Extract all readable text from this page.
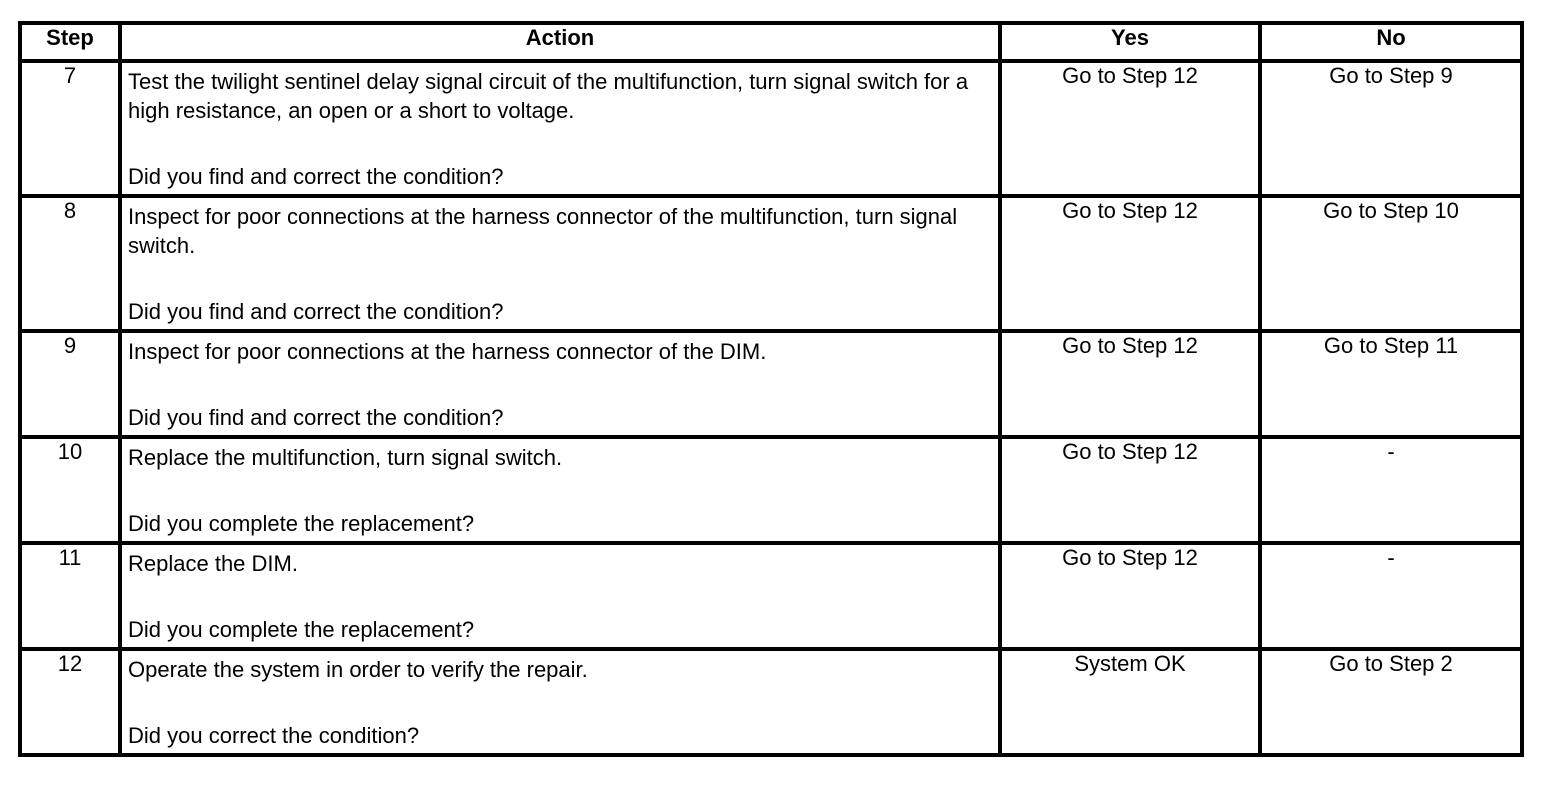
Step	Action	Yes	No
7	Test the twilight sentinel delay signal circuit of the multifunction, turn signal switch for a high resistance, an open or a short to voltage.
Did you find and correct the condition?	Go to Step 12	Go to Step 9
8	Inspect for poor connections at the harness connector of the multifunction, turn signal switch.
Did you find and correct the condition?	Go to Step 12	Go to Step 10
9	Inspect for poor connections at the harness connector of the DIM.
Did you find and correct the condition?	Go to Step 12	Go to Step 11
10	Replace the multifunction, turn signal switch.
Did you complete the replacement?	Go to Step 12	-
11	Replace the DIM.
Did you complete the replacement?	Go to Step 12	-
12	Operate the system in order to verify the repair.
Did you correct the condition?	System OK	Go to Step 2
